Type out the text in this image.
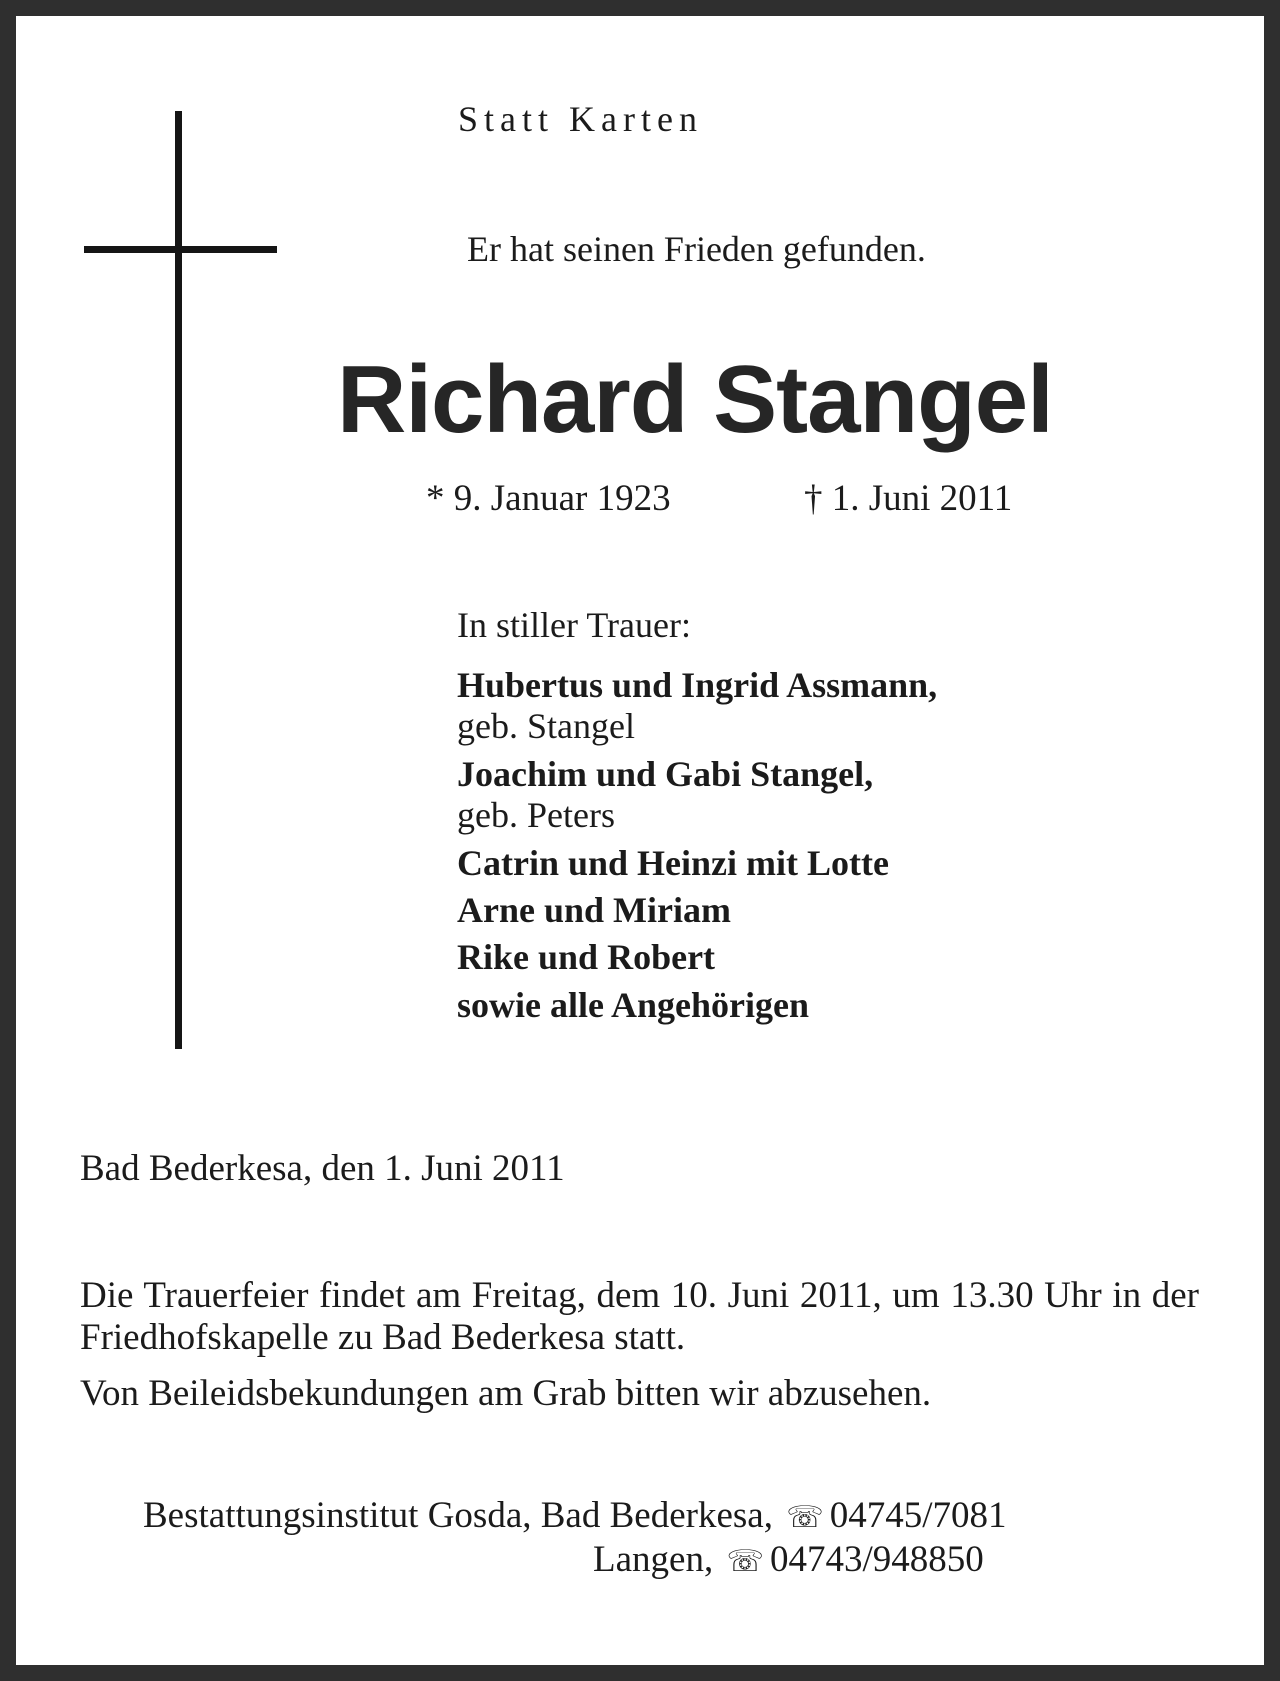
Statt Karten
Er hat seinen Frieden gefunden.
Richard Stangel
* 9. Januar 1923	† 1. Juni 2011
In stiller Trauer:
Hubertus und Ingrid Assmann,
geb. Stangel
Joachim und Gabi Stangel,
geb. Peters
Catrin und Heinzi mit Lotte
Arne und Miriam
Rike und Robert
sowie alle Angehörigen
Bad Bederkesa, den 1. Juni 2011
Die Trauerfeier findet am Freitag, dem 10. Juni 2011, um 13.30 Uhr in der Friedhofskapelle zu Bad Bederkesa statt.
Von Beileidsbekundungen am Grab bitten wir abzusehen.
Bestattungsinstitut Gosda, Bad Bederkesa, ☏ 04745/7081
Langen, ☏ 04743/948850
